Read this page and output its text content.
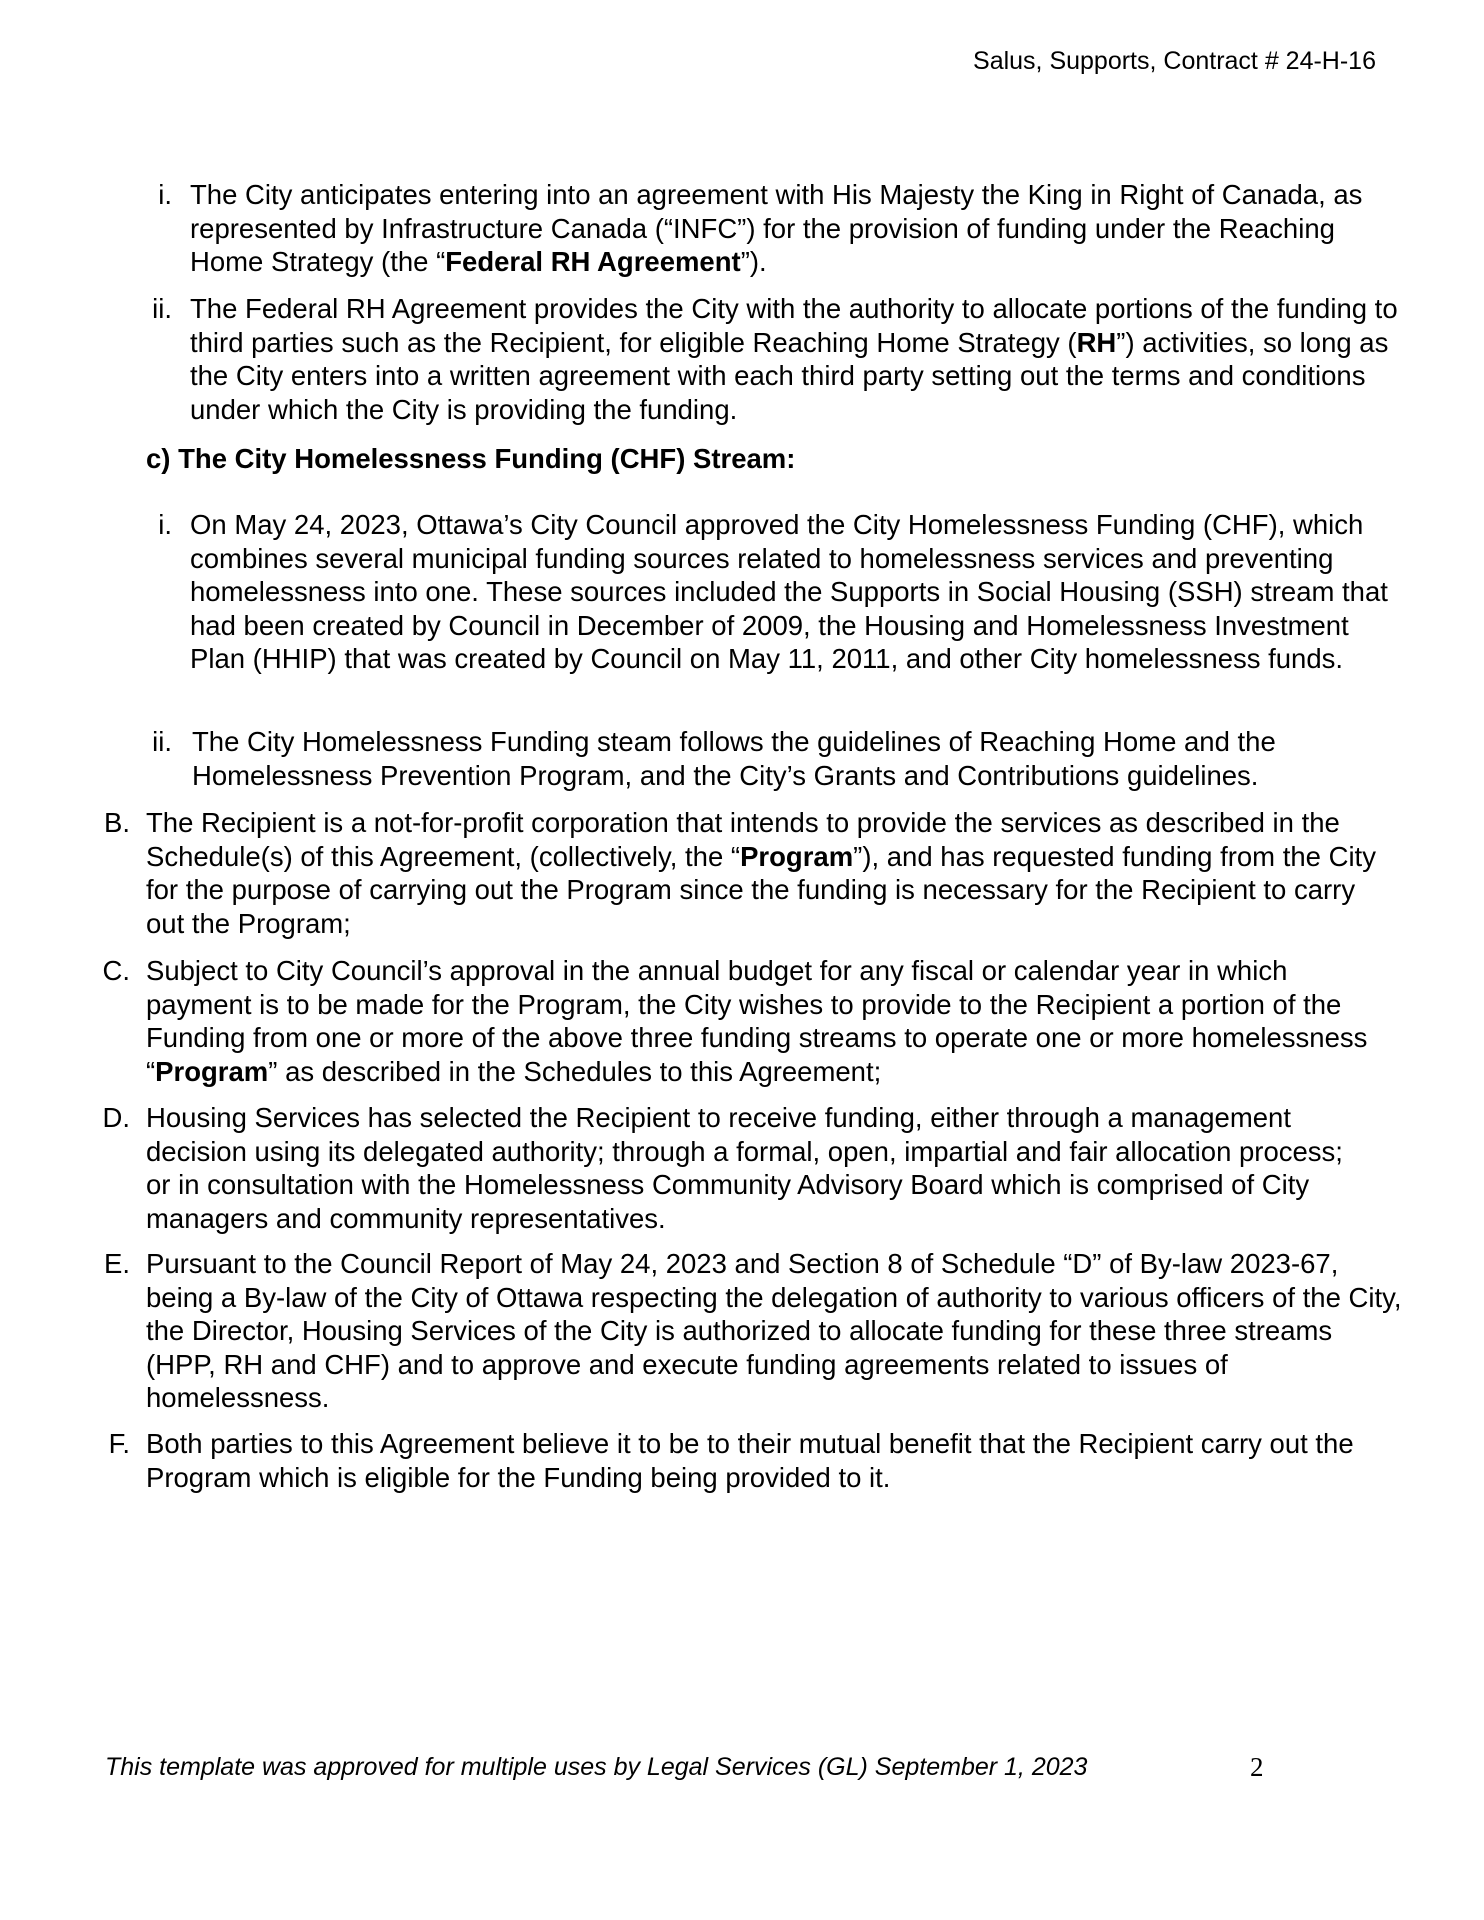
Salus, Supports, Contract # 24-H-16
i. The City anticipates entering into an agreement with His Majesty the King in Right of Canada, as represented by Infrastructure Canada (“INFC”) for the provision of funding under the Reaching Home Strategy (the “Federal RH Agreement”).
ii. The Federal RH Agreement provides the City with the authority to allocate portions of the funding to third parties such as the Recipient, for eligible Reaching Home Strategy (RH”) activities, so long as the City enters into a written agreement with each third party setting out the terms and conditions under which the City is providing the funding.
c) The City Homelessness Funding (CHF) Stream:
i. On May 24, 2023, Ottawa’s City Council approved the City Homelessness Funding (CHF), which combines several municipal funding sources related to homelessness services and preventing homelessness into one. These sources included the Supports in Social Housing (SSH) stream that had been created by Council in December of 2009, the Housing and Homelessness Investment Plan (HHIP) that was created by Council on May 11, 2011, and other City homelessness funds.
ii. The City Homelessness Funding steam follows the guidelines of Reaching Home and the Homelessness Prevention Program, and the City’s Grants and Contributions guidelines.
B. The Recipient is a not-for-profit corporation that intends to provide the services as described in the Schedule(s) of this Agreement, (collectively, the “Program”), and has requested funding from the City for the purpose of carrying out the Program since the funding is necessary for the Recipient to carry out the Program;
C. Subject to City Council’s approval in the annual budget for any fiscal or calendar year in which payment is to be made for the Program, the City wishes to provide to the Recipient a portion of the Funding from one or more of the above three funding streams to operate one or more homelessness “Program” as described in the Schedules to this Agreement;
D. Housing Services has selected the Recipient to receive funding, either through a management decision using its delegated authority; through a formal, open, impartial and fair allocation process; or in consultation with the Homelessness Community Advisory Board which is comprised of City managers and community representatives.
E. Pursuant to the Council Report of May 24, 2023 and Section 8 of Schedule “D” of By-law 2023-67, being a By-law of the City of Ottawa respecting the delegation of authority to various officers of the City, the Director, Housing Services of the City is authorized to allocate funding for these three streams (HPP, RH and CHF) and to approve and execute funding agreements related to issues of homelessness.
F. Both parties to this Agreement believe it to be to their mutual benefit that the Recipient carry out the Program which is eligible for the Funding being provided to it.
This template was approved for multiple uses by Legal Services (GL) September 1, 2023	2
